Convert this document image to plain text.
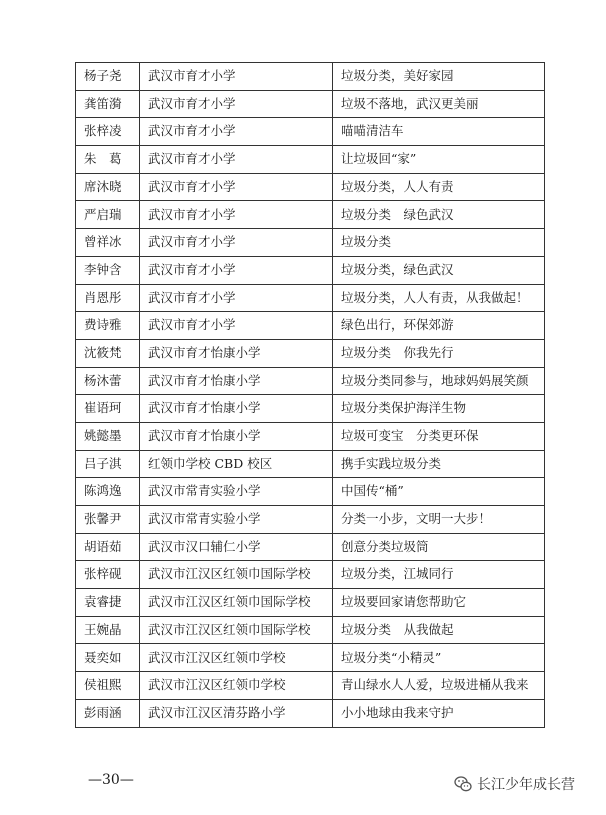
杨子尧	武汉市育才小学	垃圾分类，美好家园
龚笛漪	武汉市育才小学	垃圾不落地，武汉更美丽
张梓凌	武汉市育才小学	喵喵清洁车
朱　葛	武汉市育才小学	让垃圾回“家”
席沐晓	武汉市育才小学	垃圾分类，人人有责
严启瑞	武汉市育才小学	垃圾分类　绿色武汉
曾祥冰	武汉市育才小学	垃圾分类
李钟含	武汉市育才小学	垃圾分类，绿色武汉
肖恩彤	武汉市育才小学	垃圾分类，人人有责，从我做起！
费诗雅	武汉市育才小学	绿色出行，环保郊游
沈筱梵	武汉市育才怡康小学	垃圾分类　你我先行
杨沐蕾	武汉市育才怡康小学	垃圾分类同参与，地球妈妈展笑颜
崔语珂	武汉市育才怡康小学	垃圾分类保护海洋生物
姚懿墨	武汉市育才怡康小学	垃圾可变宝　分类更环保
吕子淇	红领巾学校 CBD 校区	携手实践垃圾分类
陈鸿逸	武汉市常青实验小学	中国传“桶”
张馨尹	武汉市常青实验小学	分类一小步，文明一大步！
胡语茹	武汉市汉口辅仁小学	创意分类垃圾筒
张梓砚	武汉市江汉区红领巾国际学校	垃圾分类，江城同行
袁睿捷	武汉市江汉区红领巾国际学校	垃圾要回家请您帮助它
王婉晶	武汉市江汉区红领巾国际学校	垃圾分类　从我做起
聂奕如	武汉市江汉区红领巾学校	垃圾分类“小精灵”
侯祖熙	武汉市江汉区红领巾学校	青山绿水人人爱，垃圾进桶从我来
彭雨涵	武汉市江汉区清芬路小学	小小地球由我来守护
—30—	长江少年成长营
